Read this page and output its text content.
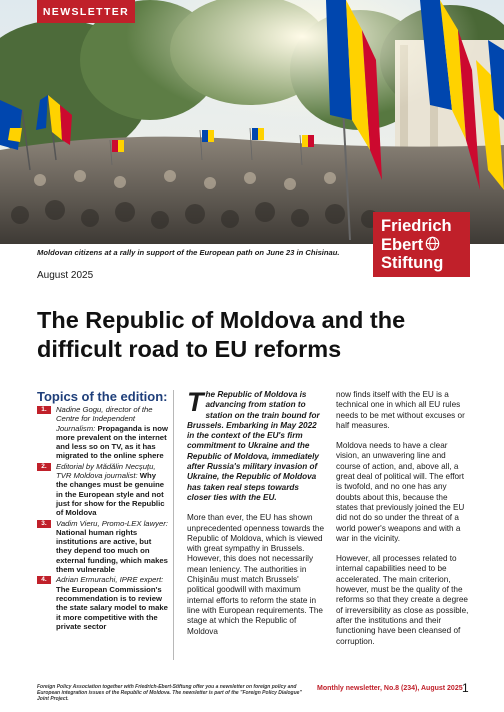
NEWSLETTER
Friedrich
Ebert
Stiftung
Moldovan citizens at a rally in support of the European path on June 23 in Chisinau.
August 2025
The Republic of Moldova and the difficult road to EU reforms
Topics of the edition:
1.	Nadine Gogu, director of the Centre for Independent Journalism: Propaganda is now more prevalent on the internet and less so on TV, as it has migrated to the online sphere
2.	Editorial by Mădălin Necșuțu, TVR Moldova journalist: Why the changes must be genuine in the European style and not just for show for the Republic of Moldova
3.	Vadim Vieru, Promo-LEX lawyer: National human rights institutions are active, but they depend too much on external funding, which makes them vulnerable
4.	Adrian Ermurachi, IPRE expert: The European Commission's recommendation is to review the state salary model to make it more competitive with the private sector

The Republic of Moldova is advancing from station to station on the train bound for Brussels. Embarking in May 2022 in the context of the EU's firm commitment to Ukraine and the Republic of Moldova, immediately after Russia's military invasion of Ukraine, the Republic of Moldova has taken real steps towards closer ties with the EU.

More than ever, the EU has shown unprecedented openness towards the Republic of Moldova, which is viewed with great sympathy in Brussels. However, this does not necessarily mean leniency. The authorities in Chișinău must match Brussels' political goodwill with maximum internal efforts to reform the state in line with European requirements. The stage at which the Republic of Moldova

now finds itself with the EU is a technical one in which all EU rules needs to be met without excuses or half measures.

Moldova needs to have a clear vision, an unwavering line and course of action, and, above all, a great deal of political will. The effort is twofold, and no one has any doubts about this, because the states that previously joined the EU did not do so under the threat of a world power's weapons and with a war in the vicinity.

However, all processes related to internal capabilities need to be accelerated. The main criterion, however, must be the quality of the reforms so that they create a degree of irreversibility as close as possible, after the institutions and their functioning have been cleansed of corruption.

Foreign Policy Association together with Friedrich-Ebert-Stiftung offer you a newsletter on foreign policy and European integration issues of the Republic of Moldova. The newsletter is part of the "Foreign Policy Dialogue" Joint Project.
Monthly newsletter, No.8 (234), August 2025 1
